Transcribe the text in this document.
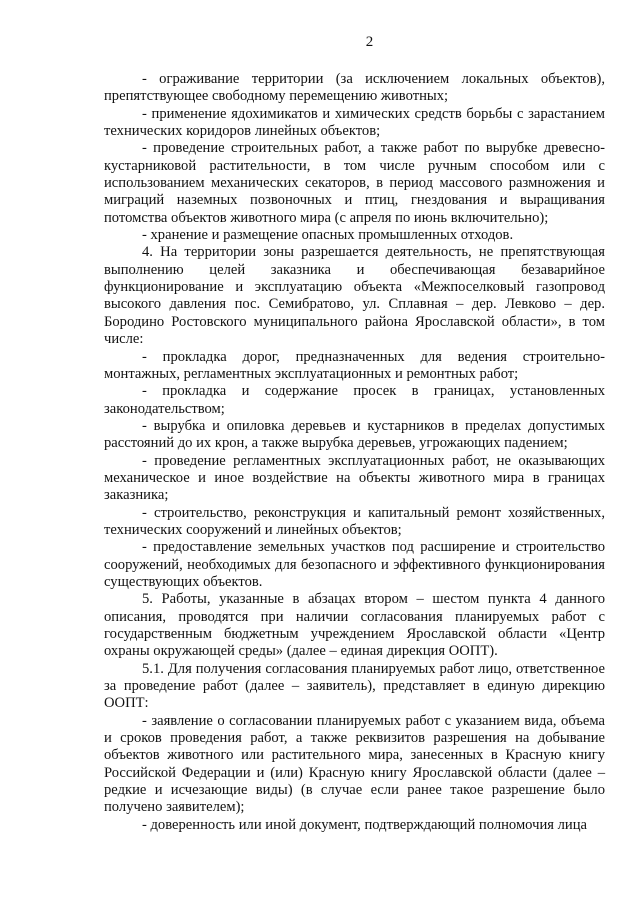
2

- ограживание территории (за исключением локальных объектов), препятствующее свободному перемещению животных;

- применение ядохимикатов и химических средств борьбы с зарастанием технических коридоров линейных объектов;

- проведение строительных работ, а также работ по вырубке древесно-кустарниковой растительности, в том числе ручным способом или с использованием механических секаторов, в период массового размножения и миграций наземных позвоночных и птиц, гнездования и выращивания потомства объектов животного мира (с апреля по июнь включительно);

- хранение и размещение опасных промышленных отходов.

4. На территории зоны разрешается деятельность, не препятствующая выполнению целей заказника и обеспечивающая безаварийное функционирование и эксплуатацию объекта «Межпоселковый газопровод высокого давления пос. Семибратово, ул. Сплавная – дер. Левково – дер. Бородино Ростовского муниципального района Ярославской области», в том числе:

- прокладка дорог, предназначенных для ведения строительно-монтажных, регламентных эксплуатационных и ремонтных работ;

- прокладка и содержание просек в границах, установленных законодательством;

- вырубка и опиловка деревьев и кустарников в пределах допустимых расстояний до их крон, а также вырубка деревьев, угрожающих падением;

- проведение регламентных эксплуатационных работ, не оказывающих механическое и иное воздействие на объекты животного мира в границах заказника;

- строительство, реконструкция и капитальный ремонт хозяйственных, технических сооружений и линейных объектов;

- предоставление земельных участков под расширение и строительство сооружений, необходимых для безопасного и эффективного функционирования существующих объектов.

5. Работы, указанные в абзацах втором – шестом пункта 4 данного описания, проводятся при наличии согласования планируемых работ с государственным бюджетным учреждением Ярославской области «Центр охраны окружающей среды» (далее – единая дирекция ООПТ).

5.1. Для получения согласования планируемых работ лицо, ответственное за проведение работ (далее – заявитель), представляет в единую дирекцию ООПТ:

- заявление о согласовании планируемых работ с указанием вида, объема и сроков проведения работ, а также реквизитов разрешения на добывание объектов животного или растительного мира, занесенных в Красную книгу Российской Федерации и (или) Красную книгу Ярославской области (далее – редкие и исчезающие виды) (в случае если ранее такое разрешение было получено заявителем);

- доверенность или иной документ, подтверждающий полномочия лица
